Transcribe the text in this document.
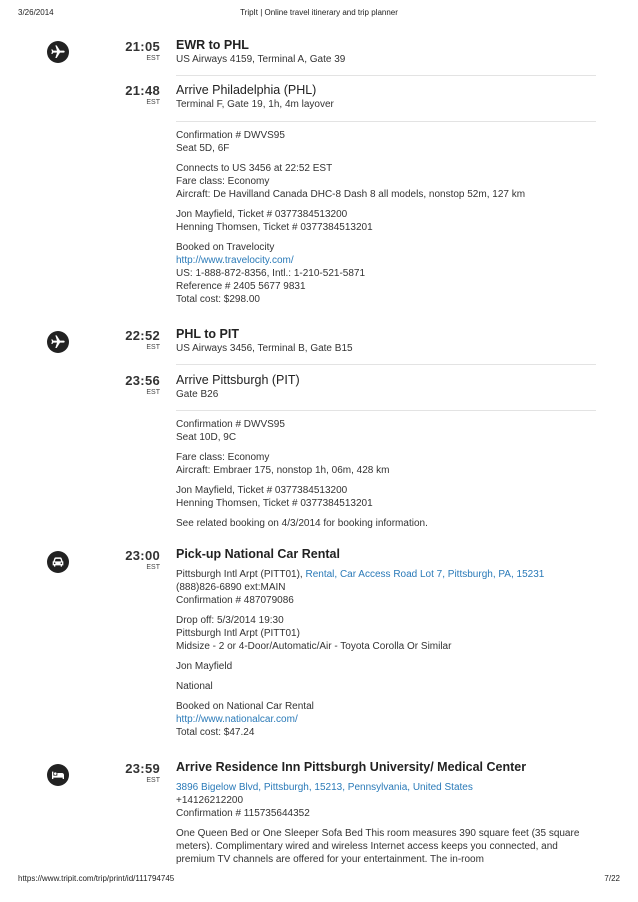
3/26/2014	TripIt | Online travel itinerary and trip planner
21:05
EST
EWR to PHL
US Airways 4159, Terminal A, Gate 39
21:48
EST
Arrive Philadelphia (PHL)
Terminal F, Gate 19, 1h, 4m layover
Confirmation # DWVS95
Seat 5D, 6F
Connects to US 3456 at 22:52 EST
Fare class: Economy
Aircraft: De Havilland Canada DHC-8 Dash 8 all models, nonstop 52m, 127 km
Jon Mayfield, Ticket # 0377384513200
Henning Thomsen, Ticket # 0377384513201
Booked on Travelocity
http://www.travelocity.com/
US: 1-888-872-8356, Intl.: 1-210-521-5871
Reference # 2405 5677 9831
Total cost: $298.00
22:52
EST
PHL to PIT
US Airways 3456, Terminal B, Gate B15
23:56
EST
Arrive Pittsburgh (PIT)
Gate B26
Confirmation # DWVS95
Seat 10D, 9C
Fare class: Economy
Aircraft: Embraer 175, nonstop 1h, 06m, 428 km
Jon Mayfield, Ticket # 0377384513200
Henning Thomsen, Ticket # 0377384513201
See related booking on 4/3/2014 for booking information.
23:00
EST
Pick-up National Car Rental
Pittsburgh Intl Arpt (PITT01), Rental, Car Access Road Lot 7, Pittsburgh, PA, 15231
(888)826-6890 ext:MAIN
Confirmation # 487079086
Drop off: 5/3/2014 19:30
Pittsburgh Intl Arpt (PITT01)
Midsize - 2 or 4-Door/Automatic/Air - Toyota Corolla Or Similar
Jon Mayfield
National
Booked on National Car Rental
http://www.nationalcar.com/
Total cost: $47.24
23:59
EST
Arrive Residence Inn Pittsburgh University/ Medical Center
3896 Bigelow Blvd, Pittsburgh, 15213, Pennsylvania, United States
+14126212200
Confirmation # 115735644352
One Queen Bed or One Sleeper Sofa Bed This room measures 390 square feet (35 square meters). Complimentary wired and wireless Internet access keeps you connected, and premium TV channels are offered for your entertainment. The in-room
https://www.tripit.com/trip/print/id/111794745	7/22
